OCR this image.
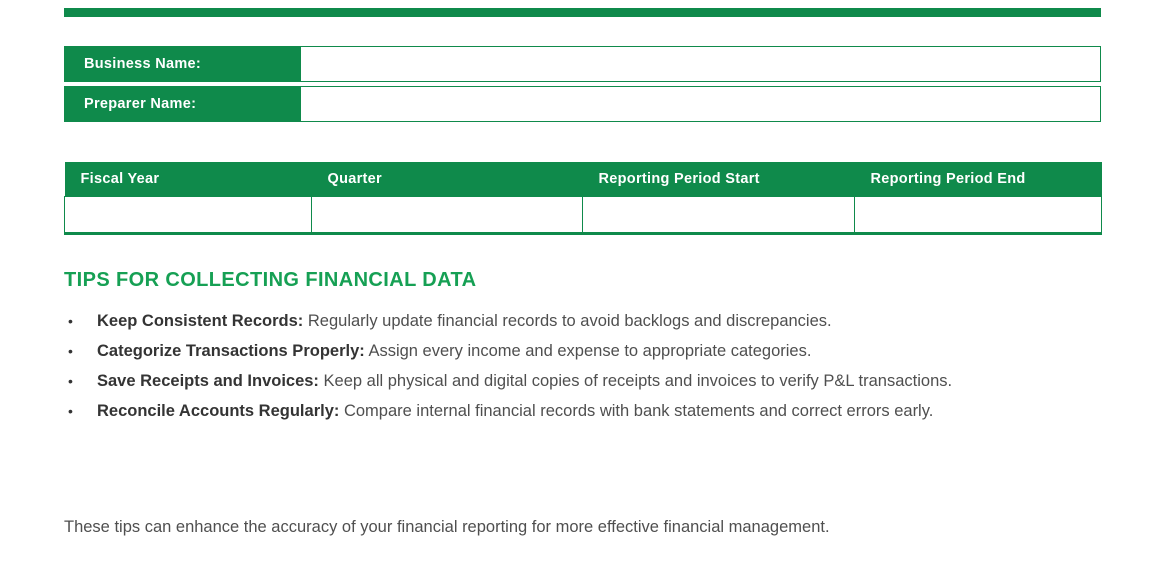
Business Name:
Preparer Name:
Fiscal Year	Quarter	Reporting Period Start	Reporting Period End

TIPS FOR COLLECTING FINANCIAL DATA
•	Keep Consistent Records: Regularly update financial records to avoid backlogs and discrepancies.
•	Categorize Transactions Properly: Assign every income and expense to appropriate categories.
•	Save Receipts and Invoices: Keep all physical and digital copies of receipts and invoices to verify P&L transactions.
•	Reconcile Accounts Regularly: Compare internal financial records with bank statements and correct errors early.
These tips can enhance the accuracy of your financial reporting for more effective financial management.
